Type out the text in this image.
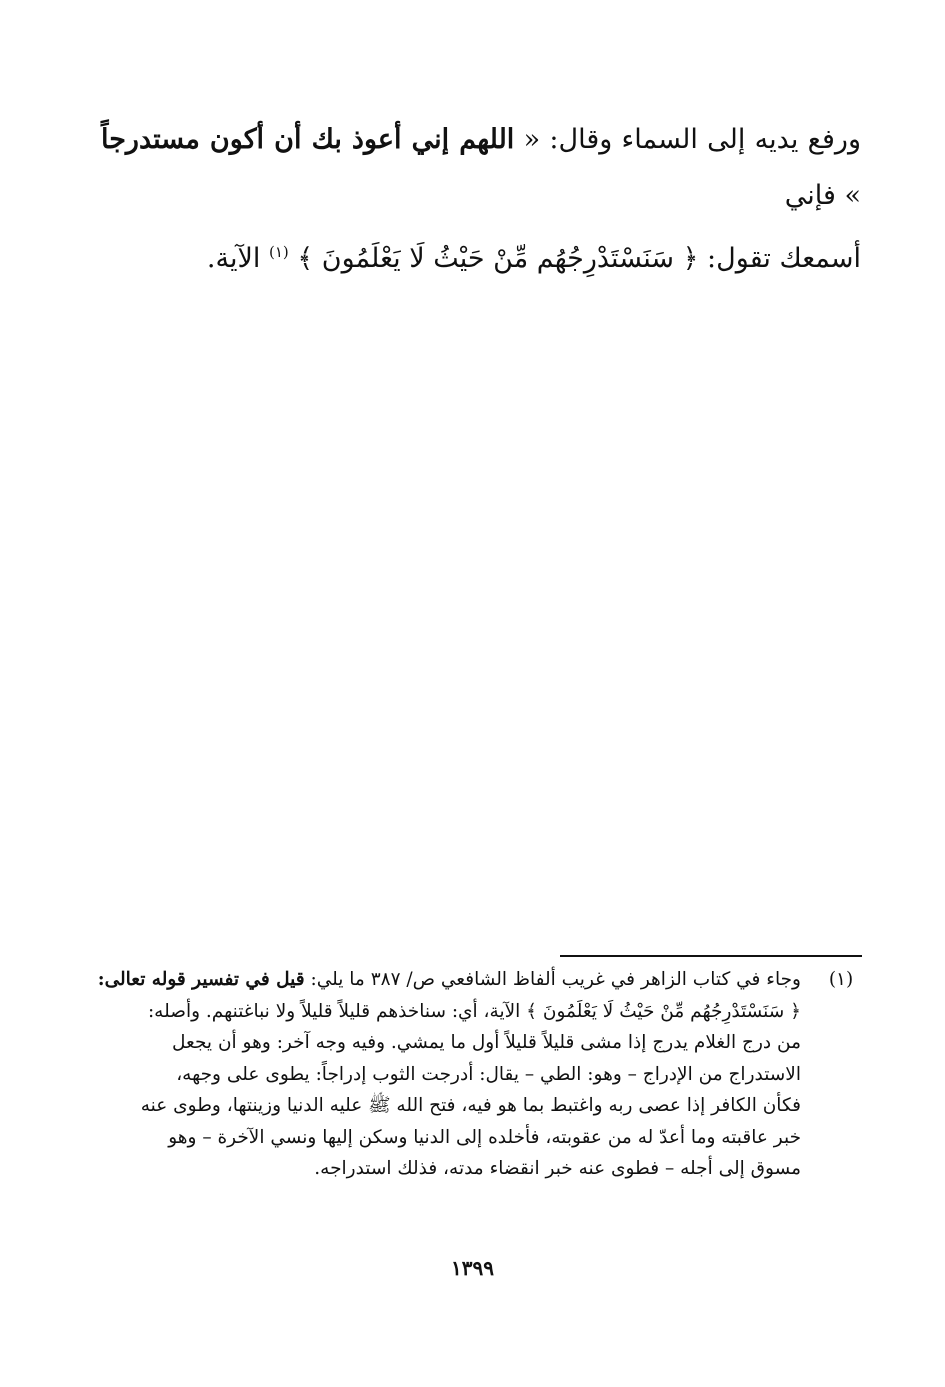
ورفع يديه إلى السماء وقال: « اللهم إني أعوذ بك أن أكون مستدرجاً » فإني

أسمعك تقول: ﴿ سَنَسْتَدْرِجُهُم مِّنْ حَيْثُ لَا يَعْلَمُونَ ﴾ $^{(١)}$ الآية.

(١)

وجاء في كتاب الزاهر في غريب ألفاظ الشافعي ص/ ٣٨٧ ما يلي: قيل في تفسير قوله تعالى:

﴿ سَنَسْتَدْرِجُهُم مِّنْ حَيْثُ لَا يَعْلَمُونَ ﴾ الآية، أي: سناخذهم قليلاً قليلاً ولا نباغتنهم. وأصله:

من درج الغلام يدرج إذا مشى قليلاً قليلاً أول ما يمشي. وفيه وجه آخر: وهو أن يجعل

الاستدراج من الإدراج – وهو: الطي – يقال: أدرجت الثوب إدراجاً: يطوى على وجهه،

فكأن الكافر إذا عصى ربه واغتبط بما هو فيه، فتح الله ﷺ عليه الدنيا وزينتها، وطوى عنه

خبر عاقبته وما أعدّ له من عقوبته، فأخلده إلى الدنيا وسكن إليها ونسي الآخرة – وهو

مسوق إلى أجله – فطوى عنه خبر انقضاء مدته، فذلك استدراجه.

١٣٩٩
